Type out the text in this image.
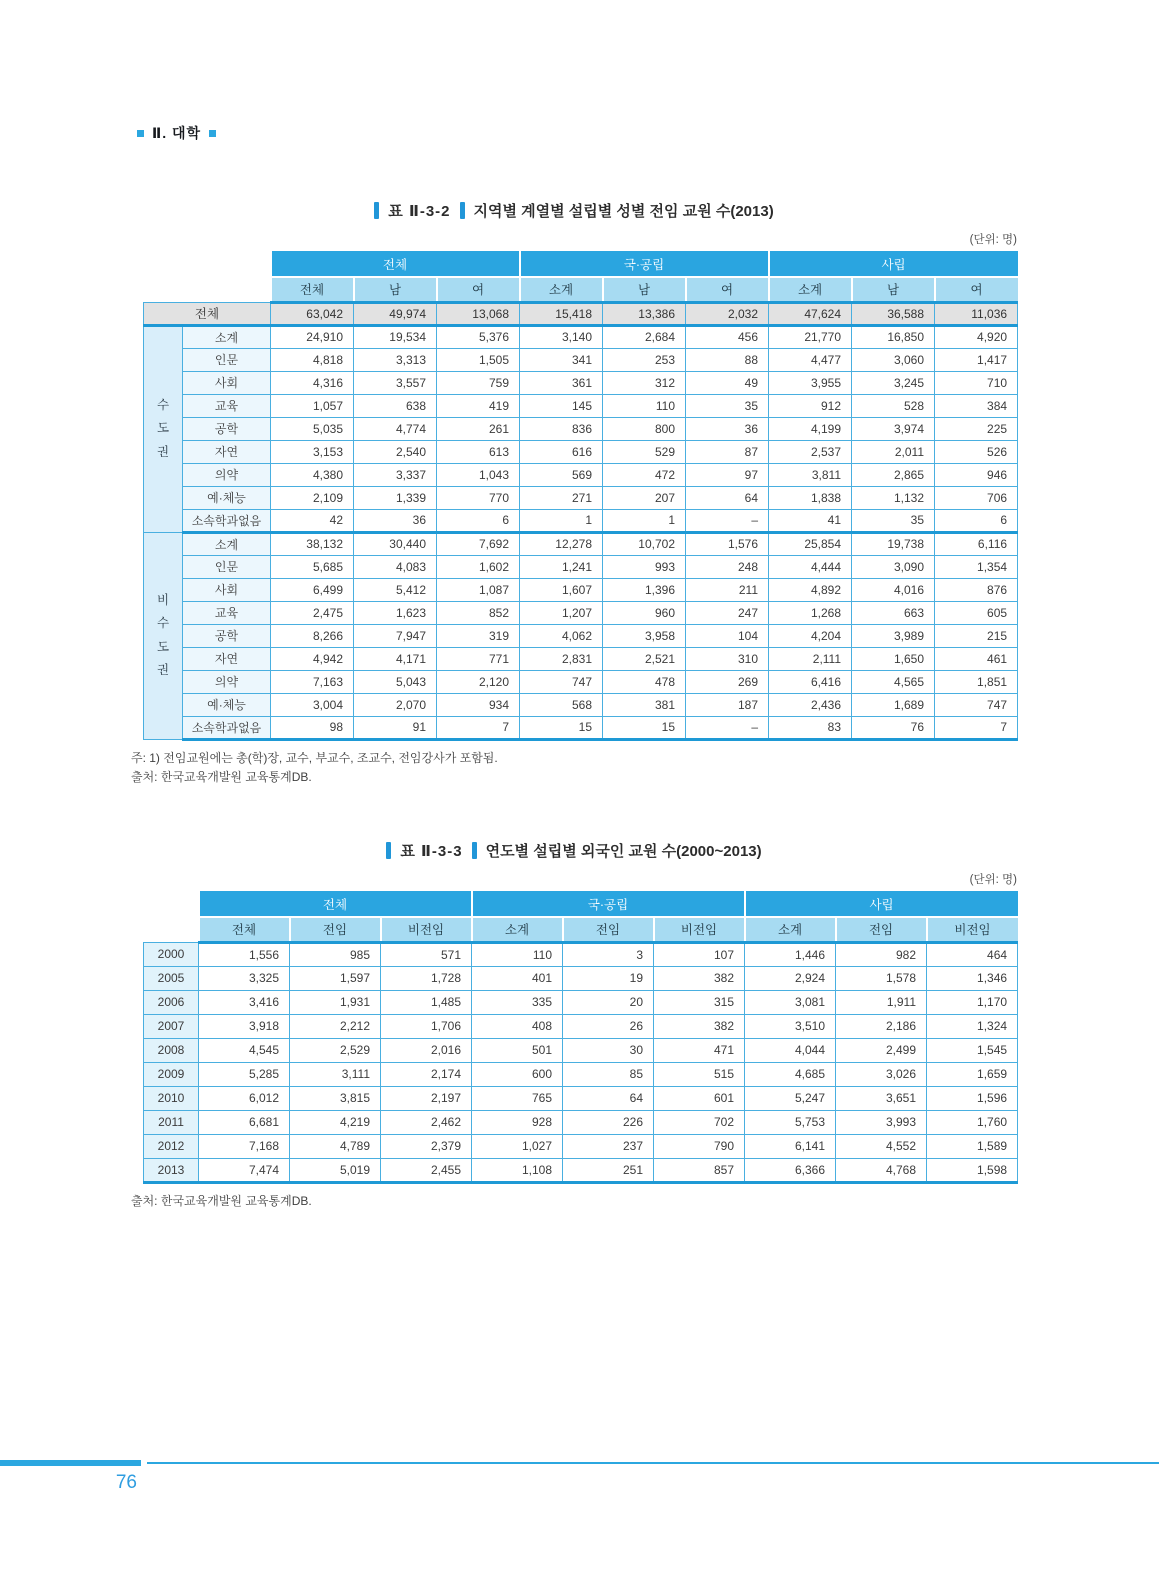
Ⅱ. 대학
표 Ⅱ-3-2 지역별 계열별 설립별 성별 전임 교원 수(2013)
(단위: 명)
		전체			국·공립			사립		
		전체	남	여	소계	남	여	소계	남	여
전체		63,042	49,974	13,068	15,418	13,386	2,032	47,624	36,588	11,036

수
도
권	소계	24,910	19,534	5,376	3,140	2,684	456	21,770	16,850	4,920
	인문	4,818	3,313	1,505	341	253	88	4,477	3,060	1,417
	사회	4,316	3,557	759	361	312	49	3,955	3,245	710
	교육	1,057	638	419	145	110	35	912	528	384
	공학	5,035	4,774	261	836	800	36	4,199	3,974	225
	자연	3,153	2,540	613	616	529	87	2,537	2,011	526
	의약	4,380	3,337	1,043	569	472	97	3,811	2,865	946
	예·체능	2,109	1,339	770	271	207	64	1,838	1,132	706
	소속학과없음	42	36	6	1	1	–	41	35	6

비
수
도
권	소계	38,132	30,440	7,692	12,278	10,702	1,576	25,854	19,738	6,116
	인문	5,685	4,083	1,602	1,241	993	248	4,444	3,090	1,354
	사회	6,499	5,412	1,087	1,607	1,396	211	4,892	4,016	876
	교육	2,475	1,623	852	1,207	960	247	1,268	663	605
	공학	8,266	7,947	319	4,062	3,958	104	4,204	3,989	215
	자연	4,942	4,171	771	2,831	2,521	310	2,111	1,650	461
	의약	7,163	5,043	2,120	747	478	269	6,416	4,565	1,851
	예·체능	3,004	2,070	934	568	381	187	2,436	1,689	747
	소속학과없음	98	91	7	15	15	–	83	76	7
주: 1) 전임교원에는 총(학)장, 교수, 부교수, 조교수, 전임강사가 포함됨.
출처: 한국교육개발원 교육통계DB.
표 Ⅱ-3-3 연도별 설립별 외국인 교원 수(2000~2013)
(단위: 명)
	전체			국·공립			사립		
	전체	전임	비전임	소계	전임	비전임	소계	전임	비전임
2000	1,556	985	571	110	3	107	1,446	982	464
2005	3,325	1,597	1,728	401	19	382	2,924	1,578	1,346
2006	3,416	1,931	1,485	335	20	315	3,081	1,911	1,170
2007	3,918	2,212	1,706	408	26	382	3,510	2,186	1,324
2008	4,545	2,529	2,016	501	30	471	4,044	2,499	1,545
2009	5,285	3,111	2,174	600	85	515	4,685	3,026	1,659
2010	6,012	3,815	2,197	765	64	601	5,247	3,651	1,596
2011	6,681	4,219	2,462	928	226	702	5,753	3,993	1,760
2012	7,168	4,789	2,379	1,027	237	790	6,141	4,552	1,589
2013	7,474	5,019	2,455	1,108	251	857	6,366	4,768	1,598
출처: 한국교육개발원 교육통계DB.
76
